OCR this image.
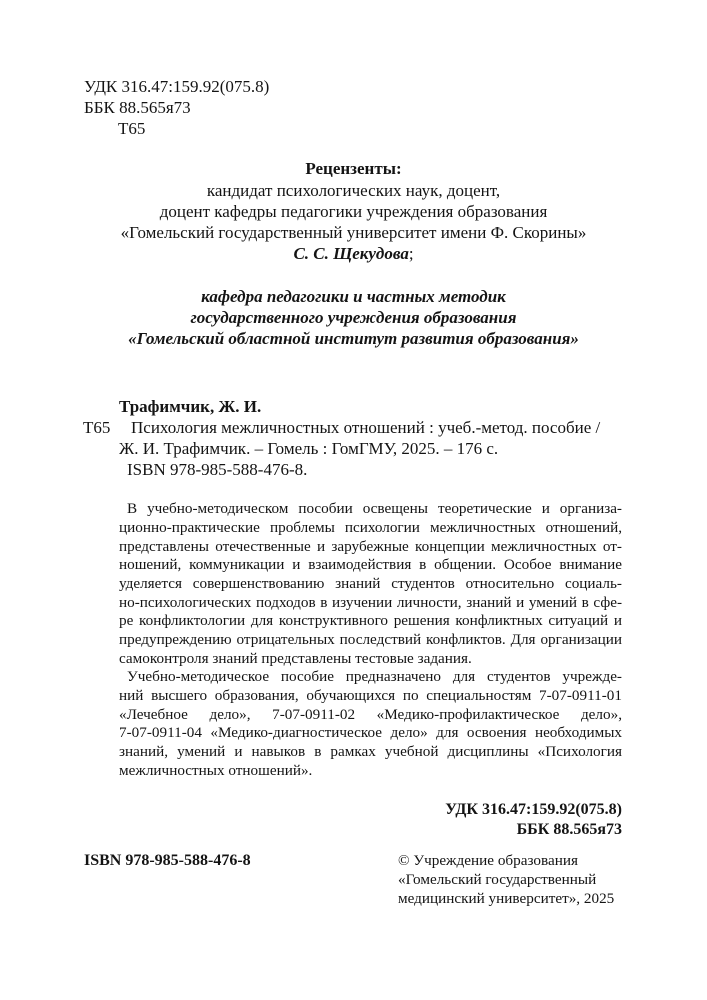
УДК 316.47:159.92(075.8)
ББК 88.565я73
Т65
Рецензенты:
кандидат психологических наук, доцент,
доцент кафедры педагогики учреждения образования
«Гомельский государственный университет имени Ф. Скорины»
С. С. Щекудова;
кафедра педагогики и частных методик
государственного учреждения образования
«Гомельский областной институт развития образования»
Трафимчик, Ж. И.
Т65 Психология межличностных отношений : учеб.-метод. пособие /
Ж. И. Трафимчик. – Гомель : ГомГМУ, 2025. – 176 с.
ISBN 978-985-588-476-8.
В учебно-методическом пособии освещены теоретические и организа-
ционно-практические проблемы психологии межличностных отношений,
представлены отечественные и зарубежные концепции межличностных от-
ношений, коммуникации и взаимодействия в общении. Особое внимание
уделяется совершенствованию знаний студентов относительно социаль-
но-психологических подходов в изучении личности, знаний и умений в сфе-
ре конфликтологии для конструктивного решения конфликтных ситуаций и
предупреждению отрицательных последствий конфликтов. Для организации
самоконтроля знаний представлены тестовые задания.
Учебно-методическое пособие предназначено для студентов учрежде-
ний высшего образования, обучающихся по специальностям 7-07-0911-01
«Лечебное дело», 7-07-0911-02 «Медико-профилактическое дело»,
7-07-0911-04 «Медико-диагностическое дело» для освоения необходимых
знаний, умений и навыков в рамках учебной дисциплины «Психология
межличностных отношений».
УДК 316.47:159.92(075.8)
ББК 88.565я73
ISBN 978-985-588-476-8	© Учреждение образования
«Гомельский государственный
медицинский университет», 2025
